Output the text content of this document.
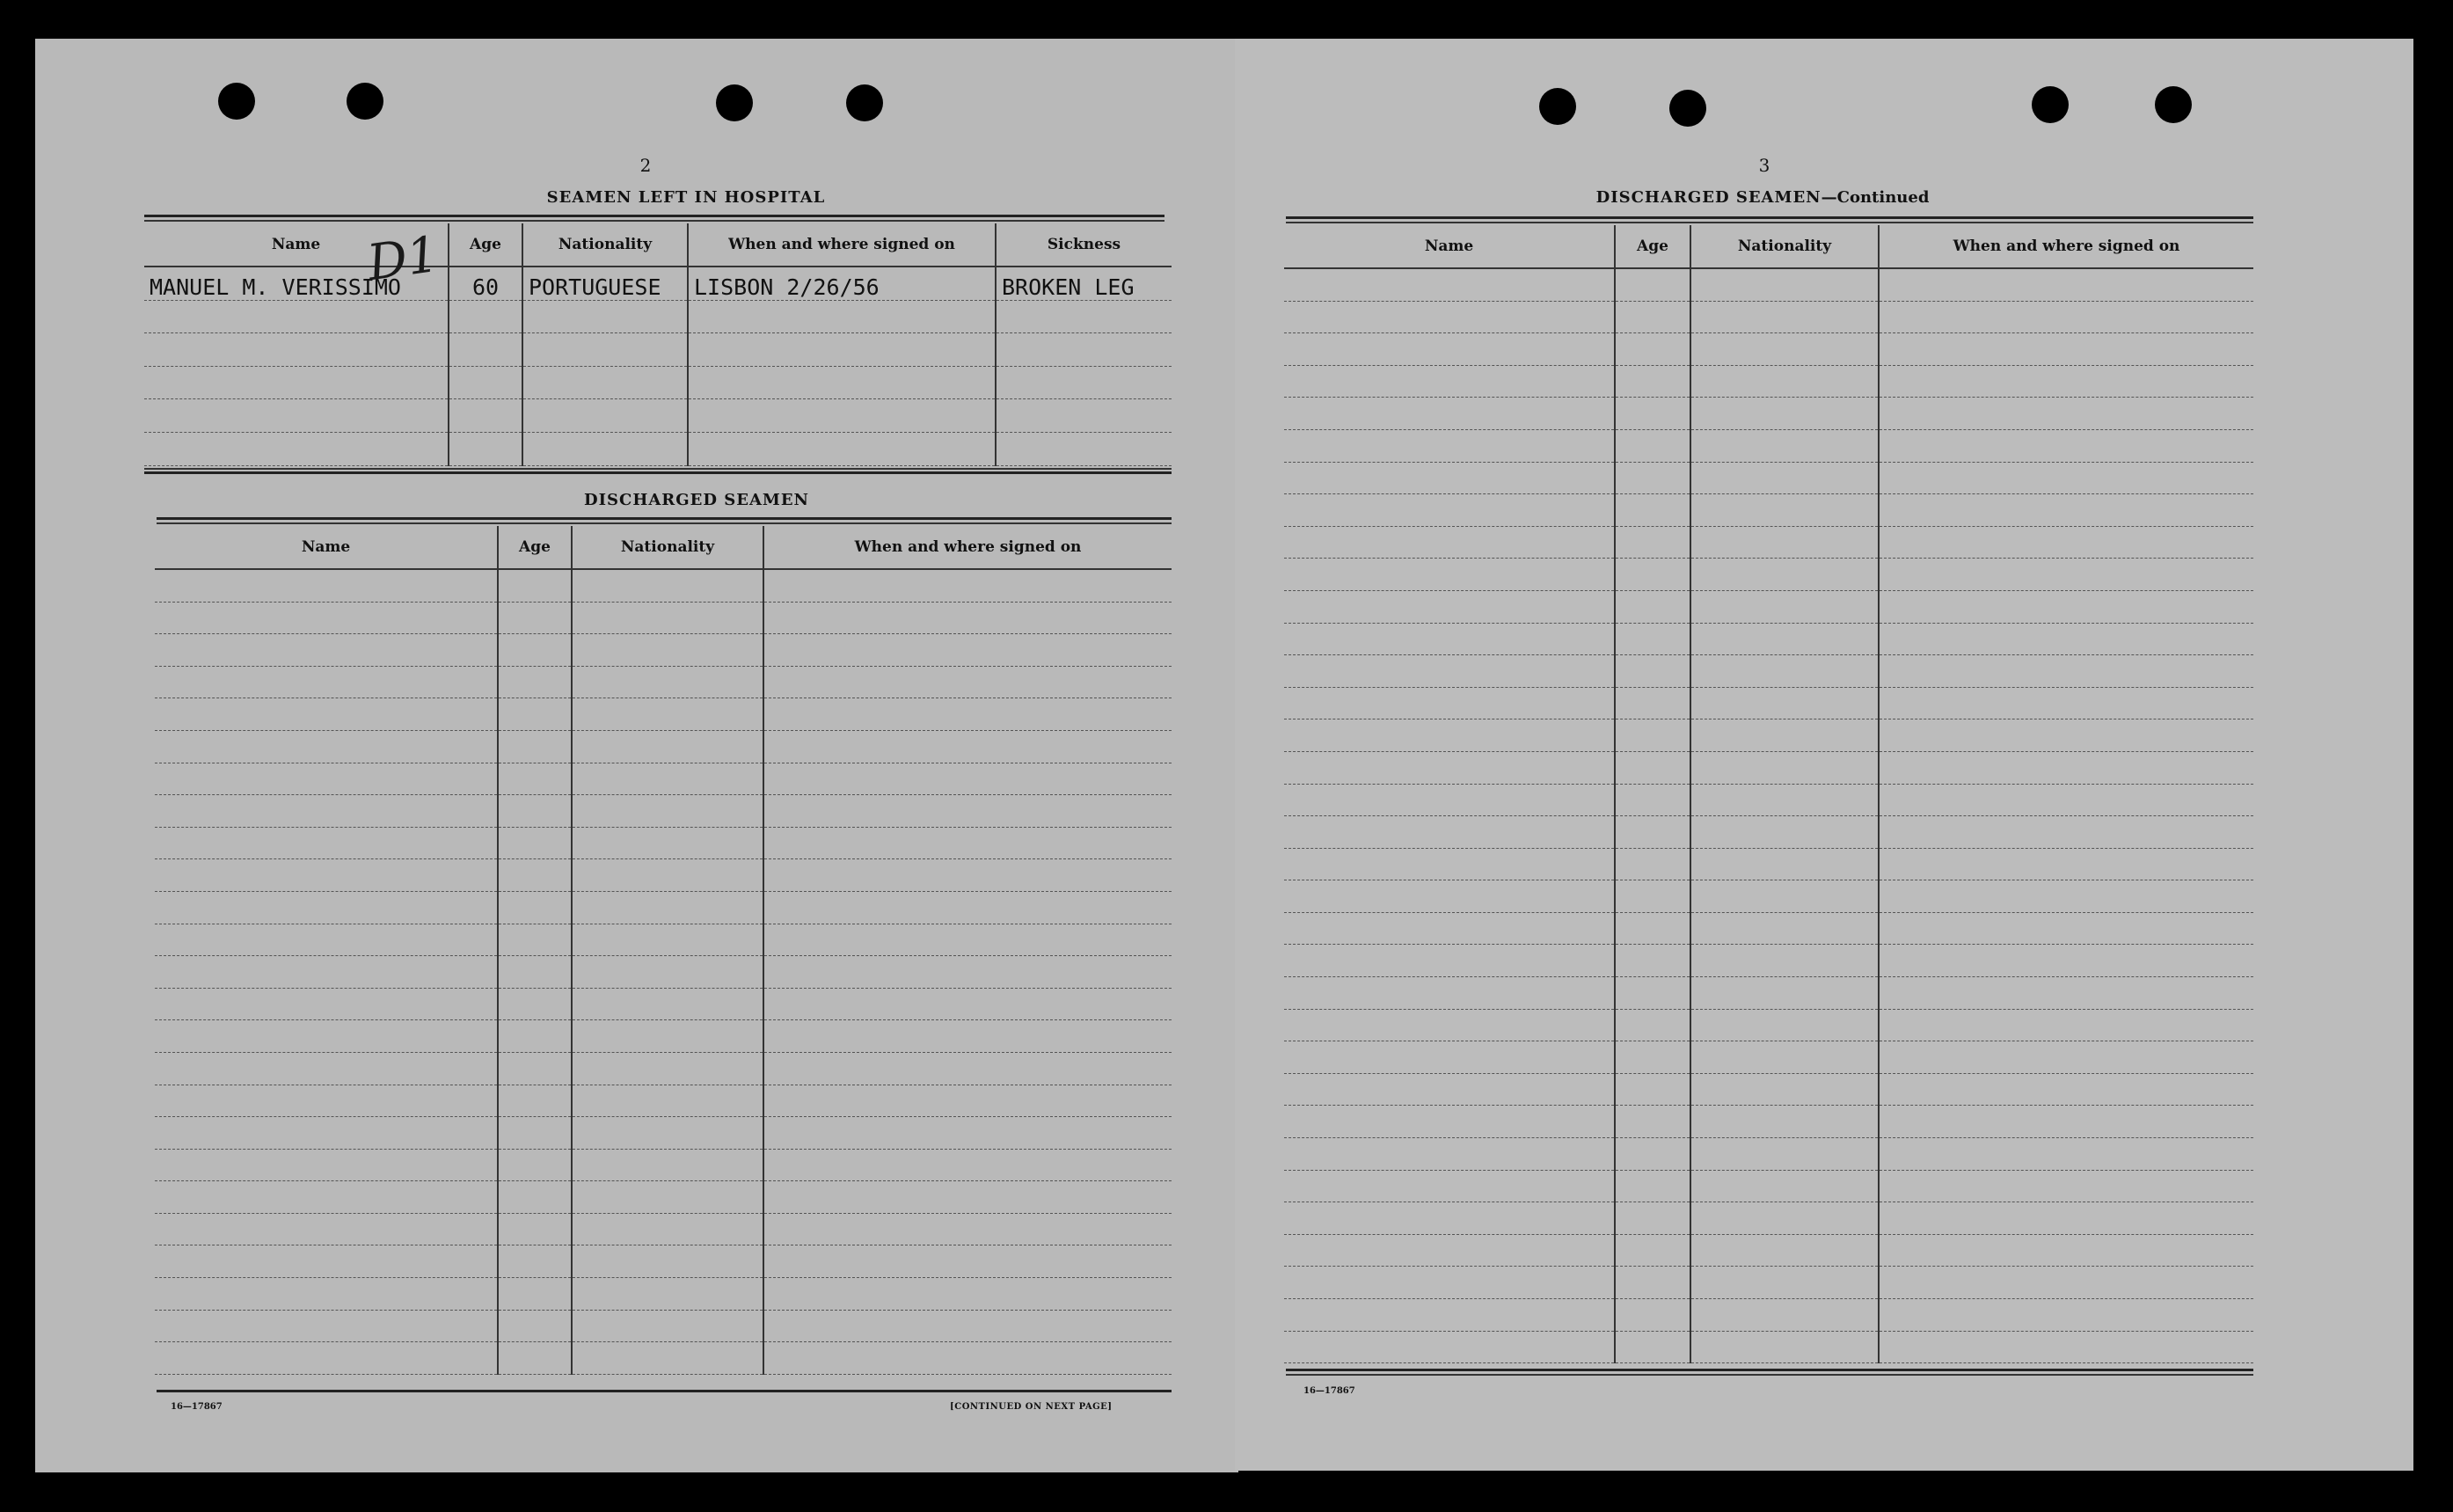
2
SEAMEN LEFT IN HOSPITAL
Name	Age	Nationality	When and where signed on	Sickness
MANUEL M. VERISSIMO	60	PORTUGUESE	LISBON 2/26/56	BROKEN LEG

D1
DISCHARGED SEAMEN
Name	Age	Nationality	When and where signed on

16—17867	[CONTINUED ON NEXT PAGE]
3
DISCHARGED SEAMEN—Continued
Name	Age	Nationality	When and where signed on

16—17867
